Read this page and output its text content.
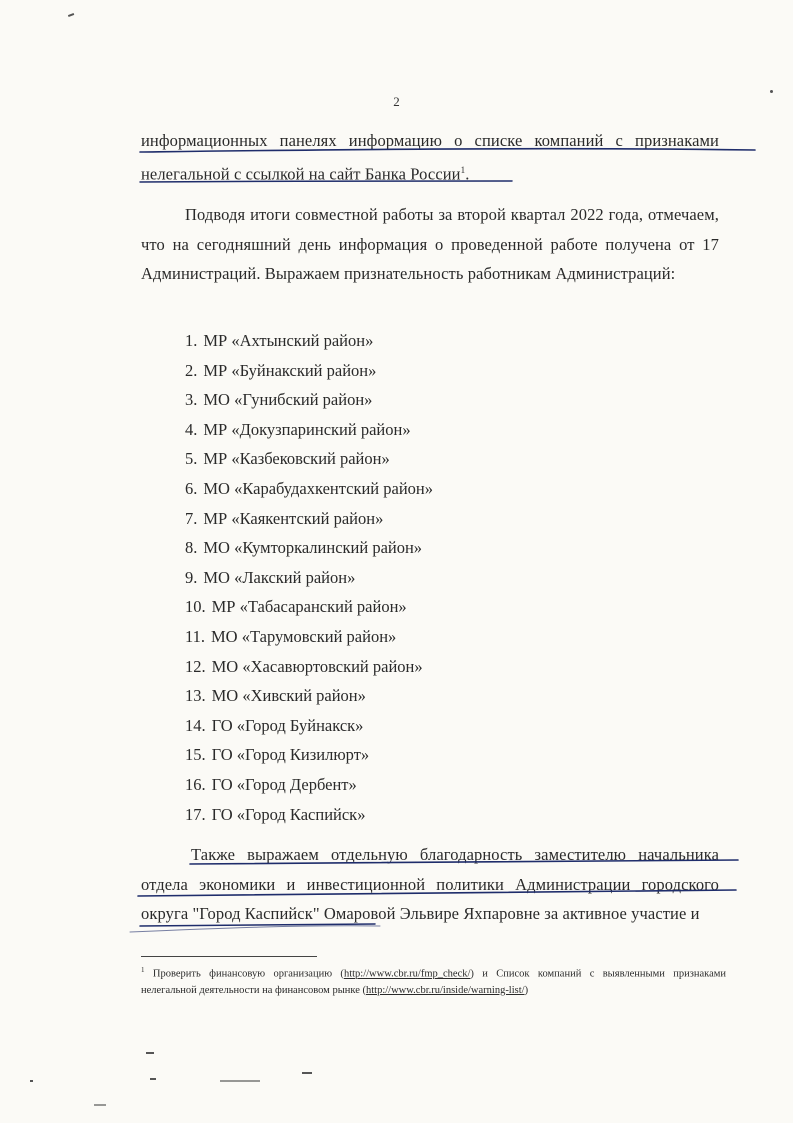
2
информационных панелях информацию о списке компаний с признаками нелегальной с ссылкой на сайт Банка России$^1$.
Подводя итоги совместной работы за второй квартал 2022 года, отмечаем, что на сегодняшний день информация о проведенной работе получена от 17 Администраций. Выражаем признательность работникам Администраций:
1. МР «Ахтынский район»
2. МР «Буйнакский район»
3. МО «Гунибский район»
4. МР «Докузпаринский район»
5. МР «Казбековский район»
6. МО «Карабудахкентский район»
7. МР «Каякентский район»
8. МО «Кумторкалинский район»
9. МО «Лакский район»
10. МР «Табасаранский район»
11. МО «Тарумовский район»
12. МО «Хасавюртовский район»
13. МО «Хивский район»
14. ГО «Город Буйнакск»
15. ГО «Город Кизилюрт»
16. ГО «Город Дербент»
17. ГО «Город Каспийск»
Также выражаем отдельную благодарность заместителю начальника отдела экономики и инвестиционной политики Администрации городского округа "Город Каспийск" Омаровой Эльвире Яхпаровне за активное участие и
$^1$ Проверить финансовую организацию (http://www.cbr.ru/fmp_check/) и Список компаний с выявленными признаками нелегальной деятельности на финансовом рынке (http://www.cbr.ru/inside/warning-list/)
